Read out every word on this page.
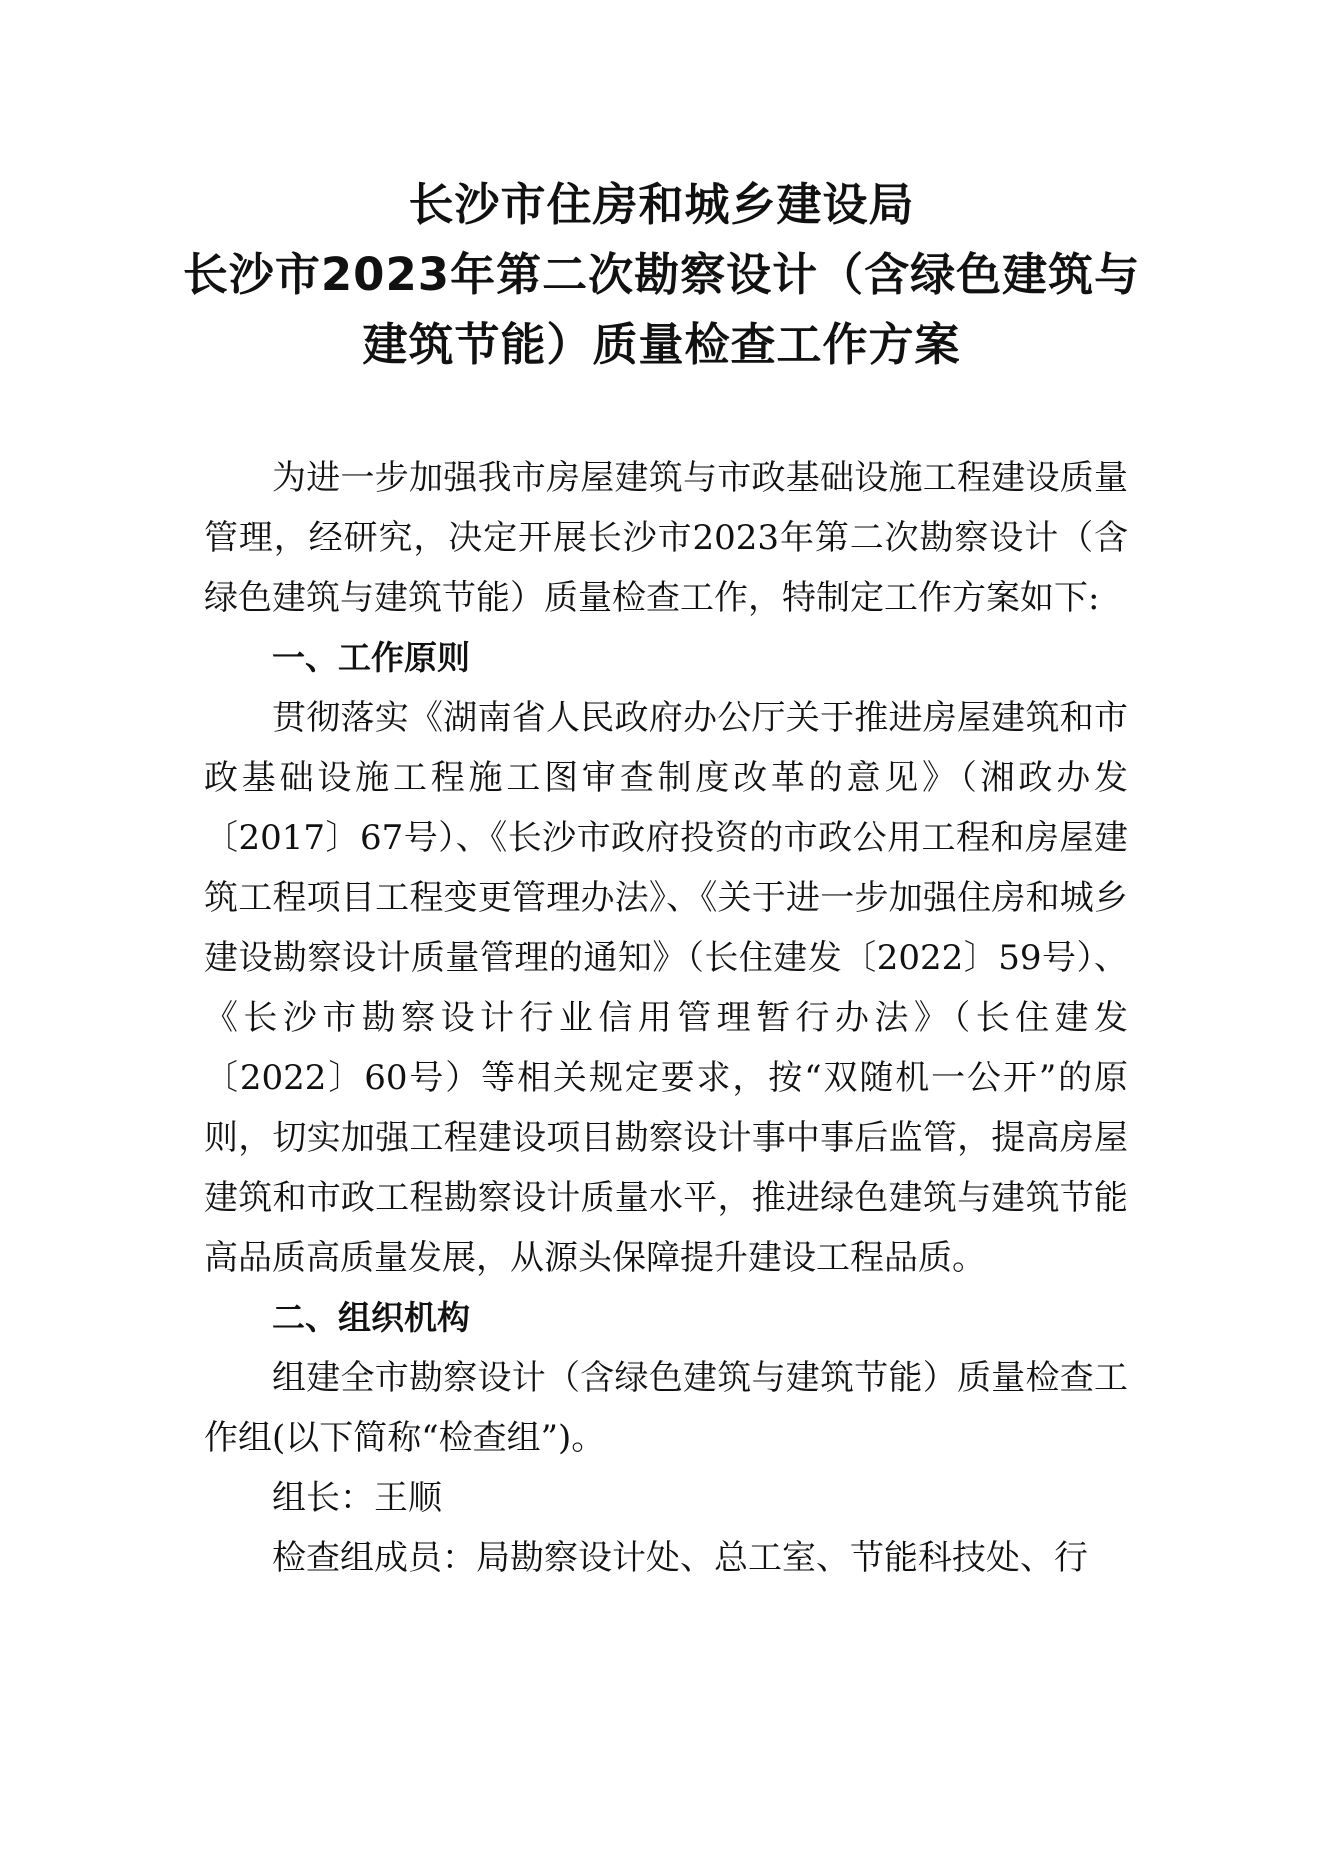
长沙市住房和城乡建设局
长沙市2023年第二次勘察设计（含绿色建筑与
建筑节能）质量检查工作方案

为进一步加强我市房屋建筑与市政基础设施工程建设质量管理，经研究，决定开展长沙市2023年第二次勘察设计（含绿色建筑与建筑节能）质量检查工作，特制定工作方案如下:

一、工作原则

贯彻落实《湖南省人民政府办公厅关于推进房屋建筑和市政基础设施工程施工图审查制度改革的意见》（湘政办发〔2017〕67号）、《长沙市政府投资的市政公用工程和房屋建筑工程项目工程变更管理办法》、《关于进一步加强住房和城乡建设勘察设计质量管理的通知》（长住建发〔2022〕59号）、《长沙市勘察设计行业信用管理暂行办法》（长住建发〔2022〕60号）等相关规定要求，按“双随机一公开”的原则，切实加强工程建设项目勘察设计事中事后监管，提高房屋建筑和市政工程勘察设计质量水平，推进绿色建筑与建筑节能高品质高质量发展，从源头保障提升建设工程品质。

二、组织机构

组建全市勘察设计（含绿色建筑与建筑节能）质量检查工作组(以下简称“检查组”)。

组长：王顺

检查组成员：局勘察设计处、总工室、节能科技处、行
